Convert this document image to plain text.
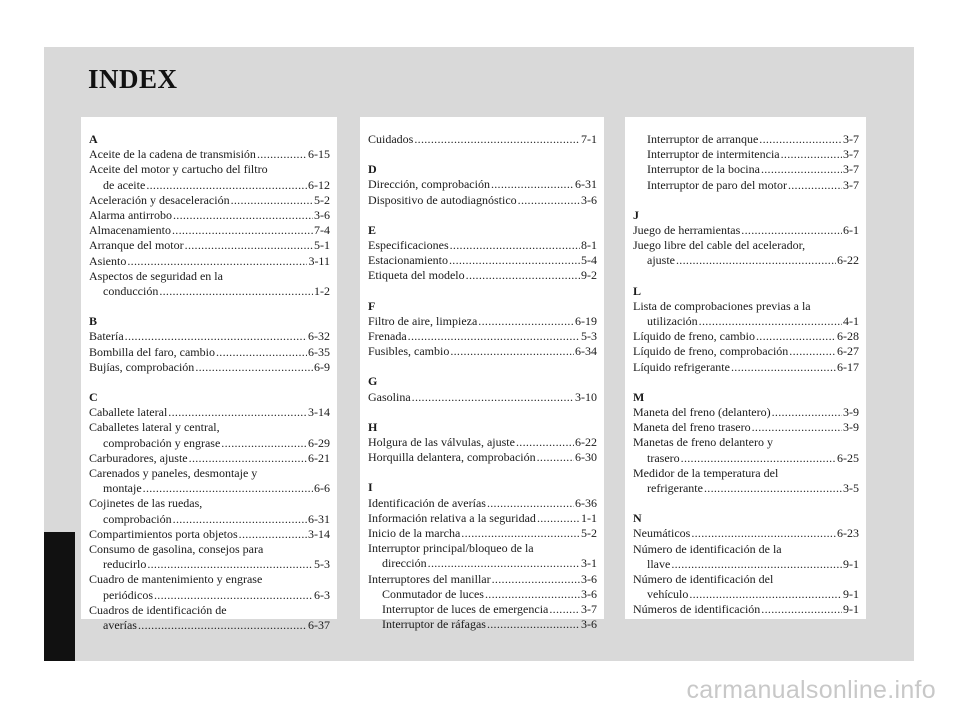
INDEX
A
Aceite de la cadena de transmisión .....	6-15
Aceite del motor y cartucho del filtro
de aceite .....	6-12
Aceleración y desaceleración .....	5-2
Alarma antirrobo .....	3-6
Almacenamiento .....	7-4
Arranque del motor .....	5-1
Asiento .....	3-11
Aspectos de seguridad en la
conducción .....	1-2
B
Batería .....	6-32
Bombilla del faro, cambio .....	6-35
Bujías, comprobación .....	6-9
C
Caballete lateral .....	3-14
Caballetes lateral y central,
comprobación y engrase .....	6-29
Carburadores, ajuste .....	6-21
Carenados y paneles, desmontaje y
montaje .....	6-6
Cojinetes de las ruedas,
comprobación .....	6-31
Compartimientos porta objetos .....	3-14
Consumo de gasolina, consejos para
reducirlo .....	5-3
Cuadro de mantenimiento y engrase
periódicos .....	6-3
Cuadros de identificación de
averías .....	6-37
Cuidados .....	7-1
D
Dirección, comprobación .....	6-31
Dispositivo de autodiagnóstico .....	3-6
E
Especificaciones .....	8-1
Estacionamiento .....	5-4
Etiqueta del modelo .....	9-2
F
Filtro de aire, limpieza .....	6-19
Frenada .....	5-3
Fusibles, cambio .....	6-34
G
Gasolina .....	3-10
H
Holgura de las válvulas, ajuste .....	6-22
Horquilla delantera, comprobación .....	6-30
I
Identificación de averías .....	6-36
Información relativa a la seguridad .....	1-1
Inicio de la marcha .....	5-2
Interruptor principal/bloqueo de la
dirección .....	3-1
Interruptores del manillar .....	3-6
Conmutador de luces .....	3-6
Interruptor de luces de emergencia .....	3-7
Interruptor de ráfagas .....	3-6
Interruptor de arranque .....	3-7
Interruptor de intermitencia .....	3-7
Interruptor de la bocina .....	3-7
Interruptor de paro del motor .....	3-7
J
Juego de herramientas .....	6-1
Juego libre del cable del acelerador,
ajuste .....	6-22
L
Lista de comprobaciones previas a la
utilización .....	4-1
Líquido de freno, cambio .....	6-28
Líquido de freno, comprobación .....	6-27
Líquido refrigerante .....	6-17
M
Maneta del freno (delantero) .....	3-9
Maneta del freno trasero .....	3-9
Manetas de freno delantero y
trasero .....	6-25
Medidor de la temperatura del
refrigerante .....	3-5
N
Neumáticos .....	6-23
Número de identificación de la
llave .....	9-1
Número de identificación del
vehículo .....	9-1
Números de identificación .....	9-1
carmanualsonline.info
